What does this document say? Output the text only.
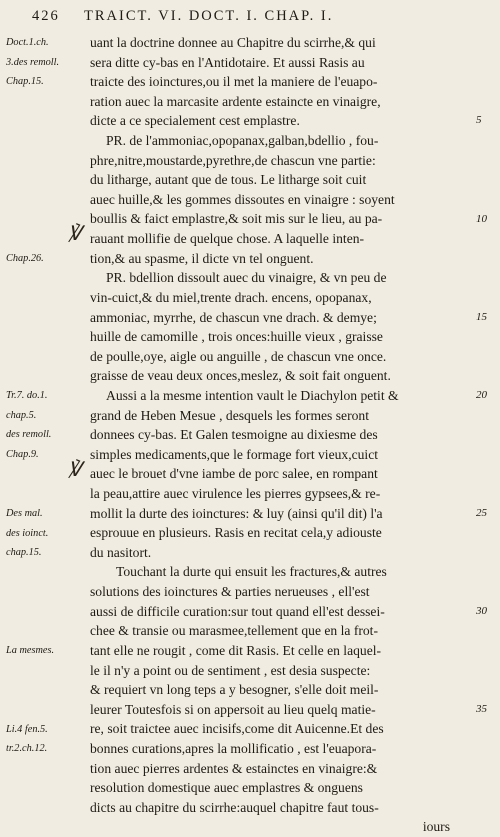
426 TRAICT. VI. DOCT. I. CHAP. I.
Doct.1.ch.
3.des remoll.
Chap.15.
Chap.26.
Tr.7. do.1.
chap.5.
des remoll.
Chap.9.
Des mal.
des ioinct.
chap.15.
La mesmes.
Li.4 fen.5.
tr.2.ch.12.
℣
℣
uant la doctrine donnee au Chapitre du scirrhe,& qui
sera ditte cy-bas en l'Antidotaire. Et aussi Rasis au
traicte des ioinctures,ou il met la maniere de l'euapo-
ration auec la marcasite ardente estaincte en vinaigre,
dicte a ce specialement cest emplastre.
PR. de l'ammoniac,opopanax,galban,bdellio , fou-
phre,nitre,moustarde,pyrethre,de chascun vne partie:
du litharge, autant que de tous. Le litharge soit cuit
auec huille,& les gommes dissoutes en vinaigre : soyent
boullis & faict emplastre,& soit mis sur le lieu, au pa-
rauant mollifie de quelque chose. A laquelle inten-
tion,& au spasme, il dicte vn tel onguent.
PR. bdellion dissoult auec du vinaigre, & vn peu de
vin-cuict,& du miel,trente drach. encens, opopanax,
ammoniac, myrrhe, de chascun vne drach. & demye;
huille de camomille , trois onces:huille vieux , graisse
de poulle,oye, aigle ou anguille , de chascun vne once.
graisse de veau deux onces,meslez, & soit fait onguent.
Aussi a la mesme intention vault le Diachylon petit &
grand de Heben Mesue , desquels les formes seront
donnees cy-bas. Et Galen tesmoigne au dixiesme des
simples medicaments,que le formage fort vieux,cuict
auec le brouet d'vne iambe de porc salee, en rompant
la peau,attire auec virulence les pierres gypsees,& re-
mollit la durte des ioinctures: & luy (ainsi qu'il dit) l'a
esprouue en plusieurs. Rasis en recitat cela,y adiouste
du nasitort.
Touchant la durte qui ensuit les fractures,& autres
solutions des ioinctures & parties nerueuses , ell'est
aussi de difficile curation:sur tout quand ell'est dessei-
chee & transie ou marasmee,tellement que en la frot-
tant elle ne rougit , come dit Rasis. Et celle en laquel-
le il n'y a point ou de sentiment , est desia suspecte:
& requiert vn long teps a y besogner, s'elle doit meil-
leurer Toutesfois si on appersoit au lieu quelq matie-
re, soit traictee auec incisifs,come dit Auicenne.Et des
bonnes curations,apres la mollificatio , est l'euapora-
tion auec pierres ardentes & estainctes en vinaigre:&
resolution domestique auec emplastres & onguens
dicts au chapitre du scirrhe:auquel chapitre faut tous-
iours
5
10
15
20
25
30
35
